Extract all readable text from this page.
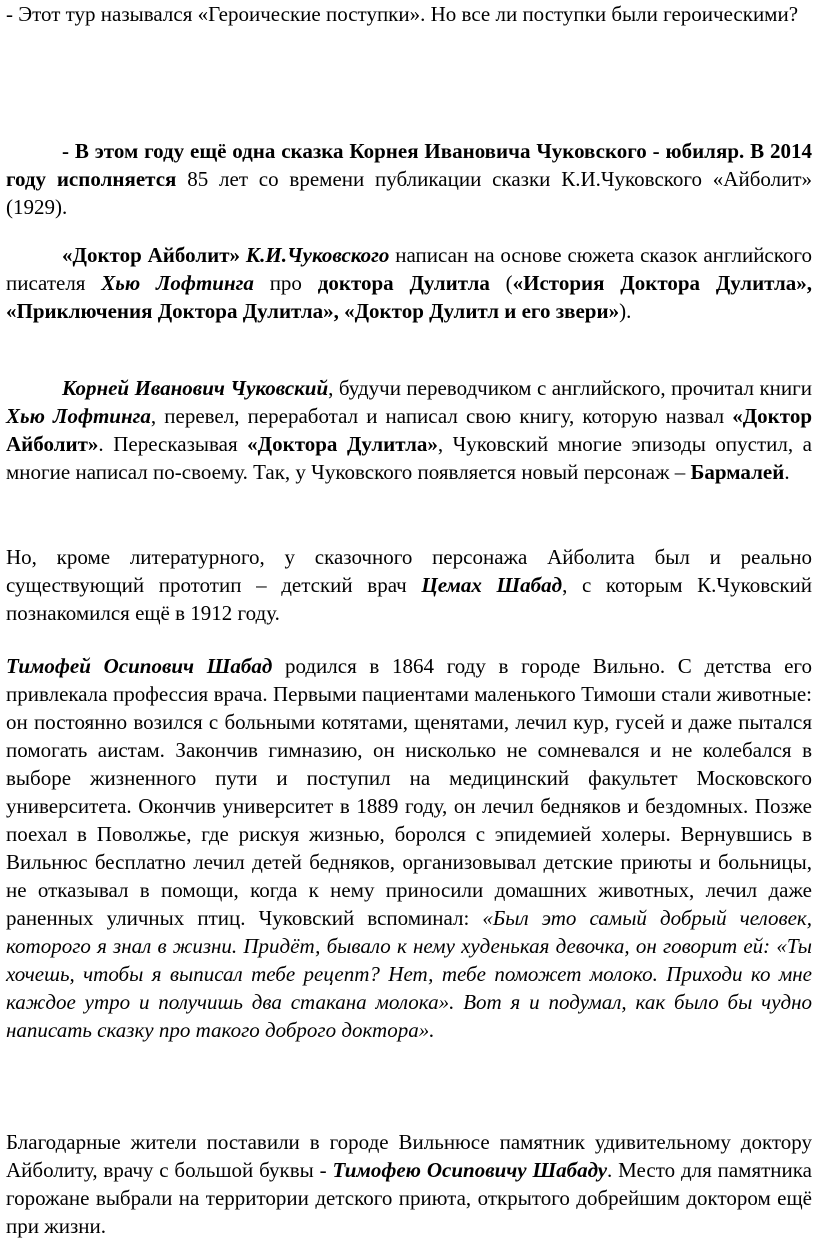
- Этот тур назывался «Героические поступки». Но все ли поступки были героическими?

- В этом году ещё одна сказка Корнея Ивановича Чуковского - юбиляр. В 2014 году исполняется 85 лет со времени публикации сказки К.И.Чуковского «Айболит» (1929).

«Доктор Айболит» К.И.Чуковского написан на основе сюжета сказок английского писателя Хью Лофтинга про доктора Дулитла («История Доктора Дулитла», «Приключения Доктора Дулитла», «Доктор Дулитл и его звери»).

Корней Иванович Чуковский, будучи переводчиком с английского, прочитал книги Хью Лофтинга, перевел, переработал и написал свою книгу, которую назвал «Доктор Айболит». Пересказывая «Доктора Дулитла», Чуковский многие эпизоды опустил, а многие написал по-своему. Так, у Чуковского появляется новый персонаж – Бармалей.

Но, кроме литературного, у сказочного персонажа Айболита был и реально существующий прототип – детский врач Цемах Шабад, с которым К.Чуковский познакомился ещё в 1912 году.

Тимофей Осипович Шабад родился в 1864 году в городе Вильно. С детства его привлекала профессия врача. Первыми пациентами маленького Тимоши стали животные: он постоянно возился с больными котятами, щенятами, лечил кур, гусей и даже пытался помогать аистам. Закончив гимназию, он нисколько не сомневался и не колебался в выборе жизненного пути и поступил на медицинский факультет Московского университета. Окончив университет в 1889 году, он лечил бедняков и бездомных. Позже поехал в Поволжье, где рискуя жизнью, боролся с эпидемией холеры. Вернувшись в Вильнюс бесплатно лечил детей бедняков, организовывал детские приюты и больницы, не отказывал в помощи, когда к нему приносили домашних животных, лечил даже раненных уличных птиц. Чуковский вспоминал: «Был это самый добрый человек, которого я знал в жизни. Придёт, бывало к нему худенькая девочка, он говорит ей: «Ты хочешь, чтобы я выписал тебе рецепт? Нет, тебе поможет молоко. Приходи ко мне каждое утро и получишь два стакана молока». Вот я и подумал, как было бы чудно написать сказку про такого доброго доктора».

Благодарные жители поставили в городе Вильнюсе памятник удивительному доктору Айболиту, врачу с большой буквы - Тимофею Осиповичу Шабаду. Место для памятника горожане выбрали на территории детского приюта, открытого добрейшим доктором ещё при жизни.
